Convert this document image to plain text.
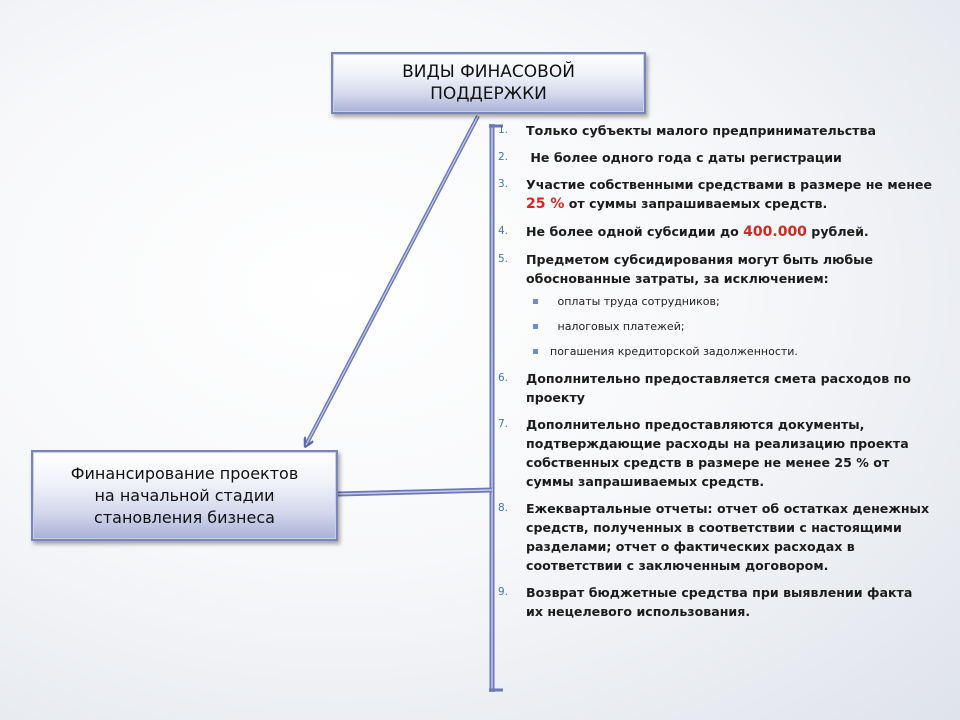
ВИДЫ ФИНАСОВОЙ
ПОДДЕРЖКИ
Финансирование проектов
на начальной стадии
становления бизнеса
1. Только субъекты малого предпринимательства
2. Не более одного года с даты регистрации
3. Участие собственными средствами в размере не менее 25 % от суммы запрашиваемых средств.
4. Не более одной субсидии до 400.000 рублей.
5. Предметом субсидирования могут быть любые обоснованные затраты, за исключением:
оплаты труда сотрудников;
налоговых платежей;
погашения кредиторской задолженности.
6. Дополнительно предоставляется смета расходов по проекту
7. Дополнительно предоставляются документы, подтверждающие расходы на реализацию проекта собственных средств в размере не менее 25 % от суммы запрашиваемых средств.
8. Ежеквартальные отчеты: отчет об остатках денежных средств, полученных в соответствии с настоящими разделами; отчет о фактических расходах в соответствии с заключенным договором.
9. Возврат бюджетные средства при выявлении факта их нецелевого использования.
